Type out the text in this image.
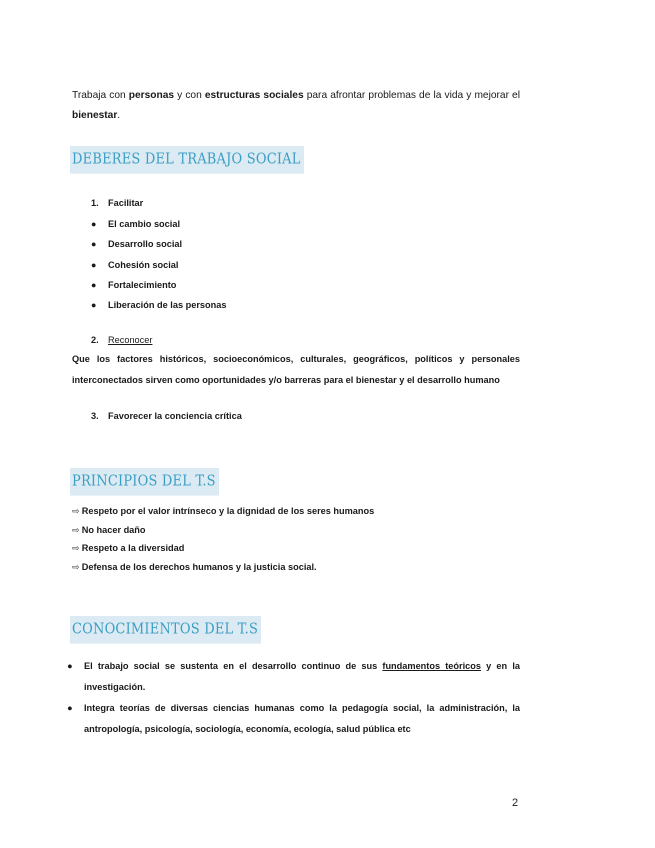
Trabaja con personas y con estructuras sociales para afrontar problemas de la vida y mejorar el bienestar.
DEBERES DEL TRABAJO SOCIAL
1. Facilitar
● El cambio social
● Desarrollo social
● Cohesión social
● Fortalecimiento
● Liberación de las personas
2. Reconocer
Que los factores históricos, socioeconómicos, culturales, geográficos, políticos y personales
interconectados sirven como oportunidades y/o barreras para el bienestar y el desarrollo humano
3. Favorecer la conciencia crítica
PRINCIPIOS DEL T.S
⇨ Respeto por el valor intrínseco y la dignidad de los seres humanos
⇨ No hacer daño
⇨ Respeto a la diversidad
⇨ Defensa de los derechos humanos y la justicia social.
CONOCIMIENTOS DEL T.S
● El trabajo social se sustenta en el desarrollo continuo de sus fundamentos teóricos y en la
investigación.
● Integra teorías de diversas ciencias humanas como la pedagogía social, la administración, la
antropología, psicología, sociología, economía, ecología, salud pública etc
2
